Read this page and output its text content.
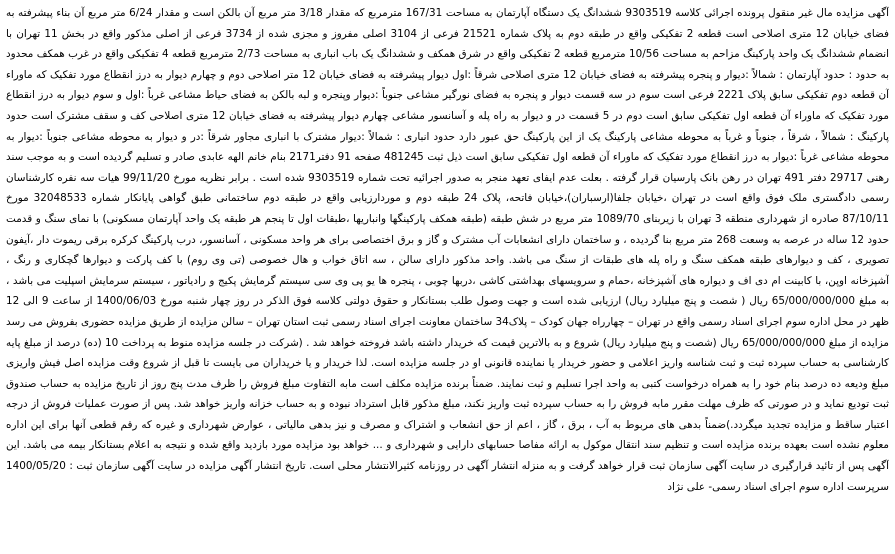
آگهی مزایده مال غیر منقول پرونده اجرائی کلاسه 9303519 ششدانگ یک دستگاه آپارتمان به مساحت 167/31 مترمربع که مقدار 3/18 متر مربع آن بالکن است و مقدار 6/24 متر مربع آن بناء پیشرفته به فضای خیابان 12 متری اصلاحی است قطعه 2 تفکیکی واقع در طبقه دوم به پلاک شماره 21521 فرعی از 3104 اصلی مفروز و مجزی شده از 3734 فرعی از اصلی مذکور واقع در بخش 11 تهران با انضمام ششدانگ یک واحد پارکینگ مزاحم به مساحت 10/56 مترمربع قطعه 2 تفکیکی واقع در شرق همکف و ششدانگ یک باب انباری به مساحت 2/73 مترمربع قطعه 4 تفکیکی واقع در غرب همکف محدود به حدود : حدود آپارتمان : شمالاً :دیوار و پنجره پیشرفته به فضای خیابان 12 متری اصلاحی شرقاً :اول دیوار پیشرفته به فضای خیابان 12 متر اصلاحی دوم و چهارم دیوار به درز انقطاع مورد تفکیک که ماوراء آن قطعه دوم تفکیکی سابق پلاک 2221 فرعی است سوم در سه قسمت دیوار و پنجره به فضای نورگیر مشاعی جنوباً :دیوار وپنجره و لبه بالکن به فضای حیاط مشاعی غرباً :اول و سوم دیوار به درز انقطاع مورد تفکیک که ماوراء آن قطعه اول تفکیکی سابق است دوم در 5 قسمت در و دیوار به راه پله و آسانسور مشاعی چهارم دیوار پیشرفته به فضای خیابان 12 متری اصلاحی کف و سقف مشترک است حدود پارکینگ : شمالاً ، شرقاً ، جنوباً و غرباً به محوطه مشاعی پارکینگ یک از این پارکینگ حق عبور دارد حدود انباری : شمالاً :دیوار مشترک با انباری مجاور شرقاً :در و دیوار به محوطه مشاعی جنوباً :دیوار به محوطه مشاعی غرباً :دیوار به درز انقطاع مورد تفکیک که ماوراء آن قطعه اول تفکیکی سابق است ذیل ثبت 481245 صفحه 91 دفتر2171 بنام خانم الهه عابدی صادر و تسلیم گردیده است و به موجب سند رهنی 29717 دفتر 491 تهران در رهن بانک پارسیان قرار گرفته . بعلت عدم ایفای تعهد منجر به صدور اجرائیه تحت شماره 9303519 شده است . برابر نظریه مورخ 99/11/20 هیات سه نفره کارشناسان رسمی دادگستری ملک فوق واقع است در تهران ،خیابان جلفا(ارسباران)،خیابان فاتحه، پلاک 24 طبقه دوم و موردارزیابی واقع در طبقه دوم ساختمانی طبق گواهی پایانکار شماره 32048533 مورخ 87/10/11 صادره از شهرداری منطقه 3 تهران با زیربنای 1089/70 متر مربع در شش طبقه (طبقه همکف پارکینگها وانباریها ،طبقات اول تا پنجم هر طبقه یک واحد آپارتمان مسکونی) با نمای سنگ و قدمت حدود 12 ساله در عرصه به وسعت 268 متر مربع بنا گردیده ، و ساختمان دارای انشعابات آب مشترک و گاز و برق اختصاصی برای هر واحد مسکونی ، آسانسور، درب پارکینگ کرکره برقی ریموت دار ،آیفون تصویری ، کف و دیوارهای طبقه همکف سنگ و راه پله های طبقات از سنگ می باشد. واحد مذکور دارای سالن ، سه اتاق خواب و هال خصوصی (تی وی روم) با کف پارکت و دیوارها گچکاری و رنگ ، آشپزخانه اوپن، با کابینت ام دی اف و دیواره های آشپزخانه ،حمام و سرویسهای بهداشتی کاشی ،دربها چوبی ، پنجره ها یو پی وی سی سیستم گرمایش پکیج و رادیاتور ، سیستم سرمایش اسپلیت می باشد ، به مبلغ 65/000/000/000 ریال ( شصت و پنج میلیارد ریال) ارزیابی شده است و جهت وصول طلب بستانکار و حقوق دولتی کلاسه فوق الذکر در روز چهار شنبه مورخ 1400/06/03 از ساعت 9 الی 12 ظهر در محل اداره سوم اجرای اسناد رسمی واقع در تهران – چهارراه جهان کودک – پلاک34 ساختمان معاونت اجرای اسناد رسمی ثبت استان تهران – سالن مزایده از طریق مزایده حضوری بفروش می رسد مزایده از مبلغ 65/000/000/000 ریال (شصت و پنج میلیارد ریال) شروع و به بالاترین قیمت که خریدار داشته باشد فروخته خواهد شد . (شرکت در جلسه مزایده منوط به پرداخت 10 (ده) درصد از مبلغ پایه کارشناسی به حساب سپرده ثبت و ثبت شناسه واریز اعلامی و حضور خریدار یا نماینده قانونی او در جلسه مزایده است. لذا خریدار و یا خریداران می بایست تا قبل از شروع وقت مزایده اصل فیش واریزی مبلغ ودیعه ده درصد بنام خود را به همراه درخواست کتبی به واحد اجرا تسلیم و ثبت نمایند. ضمناً برنده مزایده مکلف است مابه التفاوت مبلغ فروش را ظرف مدت پنج روز از تاریخ مزایده به حساب صندوق ثبت تودیع نماید و در صورتی که ظرف مهلت مقرر مابه فروش را به حساب سپرده ثبت واریز نکند، مبلغ مذکور قابل استرداد نبوده و به حساب خزانه واریز خواهد شد. پس از صورت عملیات فروش از درجه اعتبار ساقط و مزایده تجدید میگردد.)ضمناً بدهی های مربوط به آب ، برق ، گاز ، اعم از حق انشعاب و اشتراک و مصرف و نیز بدهی مالیاتی ، عوارض شهرداری و غیره که رقم قطعی آنها برای این اداره معلوم نشده است بعهده برنده مزایده است و تنظیم سند انتقال موکول به ارائه مفاصا حسابهای دارایی و شهرداری و ... خواهد بود مزایده مورد بازدید واقع شده و نتیجه به اعلام بستانکار بیمه می باشد. این آگهی پس از تائید قرارگیری در سایت آگهی سازمان ثبت قرار خواهد گرفت و به منزله انتشار آگهی در روزنامه کثیرالانتشار محلی است. تاریخ انتشار آگهی مزایده در سایت آگهی سازمان ثبت : 1400/05/20 سرپرست اداره سوم اجرای اسناد رسمی- علی نژاد
